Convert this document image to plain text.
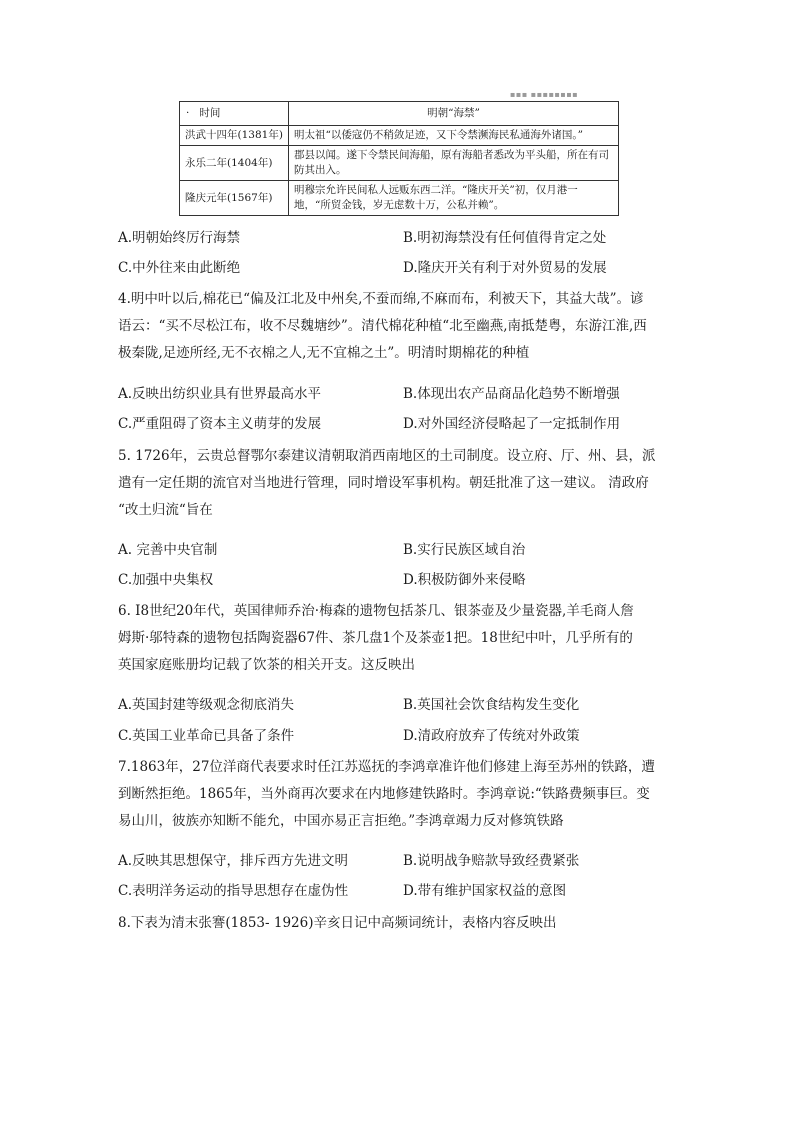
▪▪▪ ▪▪▪▪▪▪▪▪
· 时间	明朝“海禁”
洪武十四年(1381年)	明太祖“以倭寇仍不稍敛足迹，又下令禁濒海民私通海外诸国。”
永乐二年(1404年)	郡县以闻。遂下令禁民间海船，原有海船者悉改为平头船，所在有司防其出入。
隆庆元年(1567年)	明穆宗允许民间私人远贩东西二洋。“隆庆开关”初，仅月港一地，“所贸金钱，岁无虑数十万，公私并赖”。
A.明朝始终厉行海禁	B.明初海禁没有任何值得肯定之处
C.中外往来由此断绝	D.隆庆开关有利于对外贸易的发展
4.明中叶以后,棉花已“偏及江北及中州矣,不蚕而绵,不麻而布，利被天下，其益大哉”。谚
语云：“买不尽松江布，收不尽魏塘纱”。清代棉花种植“北至幽燕,南抵楚粤，东游江淮,西
极秦陇,足迹所经,无不衣棉之人,无不宜棉之土”。明清时期棉花的种植
A.反映出纺织业具有世界最高水平	B.体现出农产品商品化趋势不断增强
C.严重阻碍了资本主义萌芽的发展	D.对外国经济侵略起了一定抵制作用
5. 1726年，云贵总督鄂尔泰建议清朝取消西南地区的土司制度。设立府、厅、州、县，派
遣有一定任期的流官对当地进行管理，同时增设军事机构。朝廷批准了这一建议。 清政府
“改土归流“旨在
A. 完善中央官制	B.实行民族区域自治
C.加强中央集权	D.积极防御外来侵略
6. I8世纪20年代，英国律师乔治·梅森的遗物包括茶几、银茶壶及少量瓷器,羊毛商人詹
姆斯·邬特森的遗物包括陶瓷器67件、茶几盘1个及茶壶1把。18世纪中叶，几乎所有的
英国家庭账册均记载了饮茶的相关开支。这反映出
A.英国封建等级观念彻底消失	B.英国社会饮食结构发生变化
C.英国工业革命已具备了条件	D.清政府放弃了传统对外政策
7.1863年，27位洋商代表要求时任江苏巡抚的李鸿章准许他们修建上海至苏州的铁路，遭
到断然拒绝。1865年，当外商再次要求在内地修建铁路时。李鸿章说:“铁路费频事巨。变
易山川，彼族亦知断不能允，中国亦易正言拒绝。”李鸿章竭力反对修筑铁路
A.反映其思想保守，排斥西方先进文明	B.说明战争赔款导致经费紧张
C.表明洋务运动的指导思想存在虚伪性	D.带有维护国家权益的意图
8.下表为清末张謇(1853- 1926)辛亥日记中高频词统计，表格内容反映出
